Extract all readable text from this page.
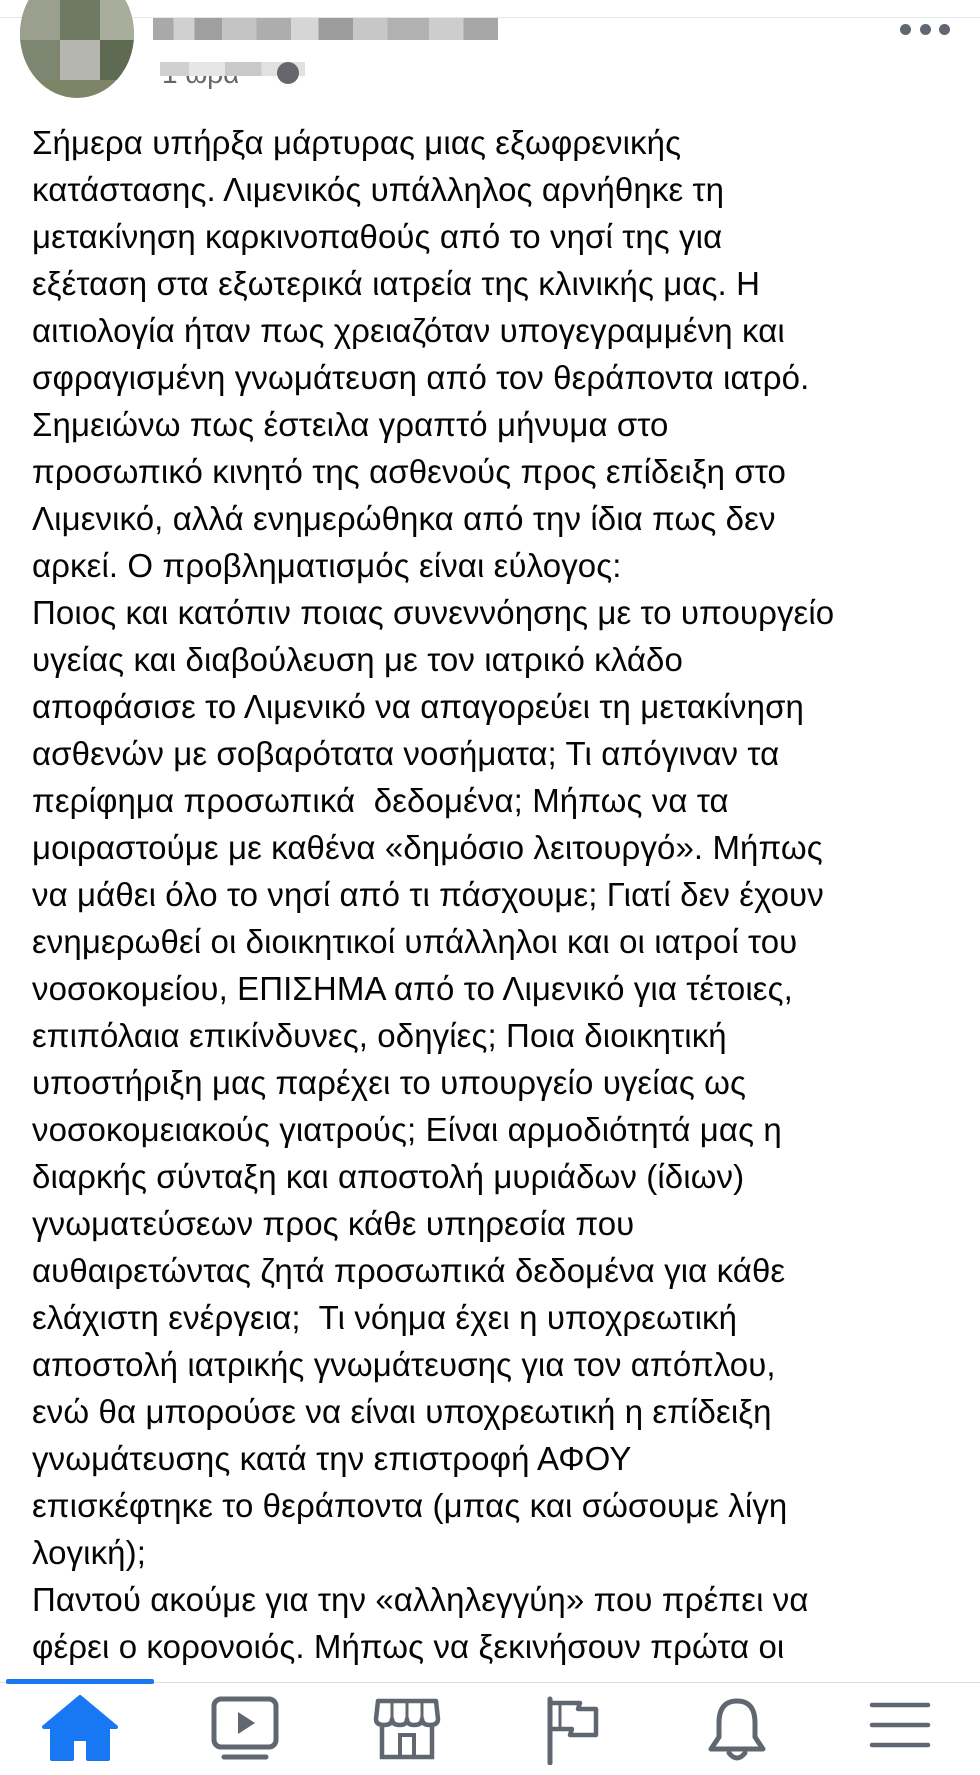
Σήμερα υπήρξα μάρτυρας μιας εξωφρενικής
κατάστασης. Λιμενικός υπάλληλος αρνήθηκε τη
μετακίνηση καρκινοπαθούς από το νησί της για
εξέταση στα εξωτερικά ιατρεία της κλινικής μας. Η
αιτιολογία ήταν πως χρειαζόταν υπογεγραμμένη και
σφραγισμένη γνωμάτευση από τον θεράποντα ιατρό.
Σημειώνω πως έστειλα γραπτό μήνυμα στο
προσωπικό κινητό της ασθενούς προς επίδειξη στο
Λιμενικό, αλλά ενημερώθηκα από την ίδια πως δεν
αρκεί. Ο προβληματισμός είναι εύλογος:
Ποιος και κατόπιν ποιας συνεννόησης με το υπουργείο
υγείας και διαβούλευση με τον ιατρικό κλάδο
αποφάσισε το Λιμενικό να απαγορεύει τη μετακίνηση
ασθενών με σοβαρότατα νοσήματα; Τι απόγιναν τα
περίφημα προσωπικά  δεδομένα; Μήπως να τα
μοιραστούμε με καθένα «δημόσιο λειτουργό». Μήπως
να μάθει όλο το νησί από τι πάσχουμε; Γιατί δεν έχουν
ενημερωθεί οι διοικητικοί υπάλληλοι και οι ιατροί του
νοσοκομείου, ΕΠΙΣΗΜΑ από το Λιμενικό για τέτοιες,
επιπόλαια επικίνδυνες, οδηγίες; Ποια διοικητική
υποστήριξη μας παρέχει το υπουργείο υγείας ως
νοσοκομειακούς γιατρούς; Είναι αρμοδιότητά μας η
διαρκής σύνταξη και αποστολή μυριάδων (ίδιων)
γνωματεύσεων προς κάθε υπηρεσία που
αυθαιρετώντας ζητά προσωπικά δεδομένα για κάθε
ελάχιστη ενέργεια;  Τι νόημα έχει η υποχρεωτική
αποστολή ιατρικής γνωμάτευσης για τον απόπλου,
ενώ θα μπορούσε να είναι υποχρεωτική η επίδειξη
γνωμάτευσης κατά την επιστροφή ΑΦΟΥ
επισκέφτηκε το θεράποντα (μπας και σώσουμε λίγη
λογική);
Παντού ακούμε για την «αλληλεγγύη» που πρέπει να
φέρει ο κορονοιός. Μήπως να ξεκινήσουν πρώτα οι
